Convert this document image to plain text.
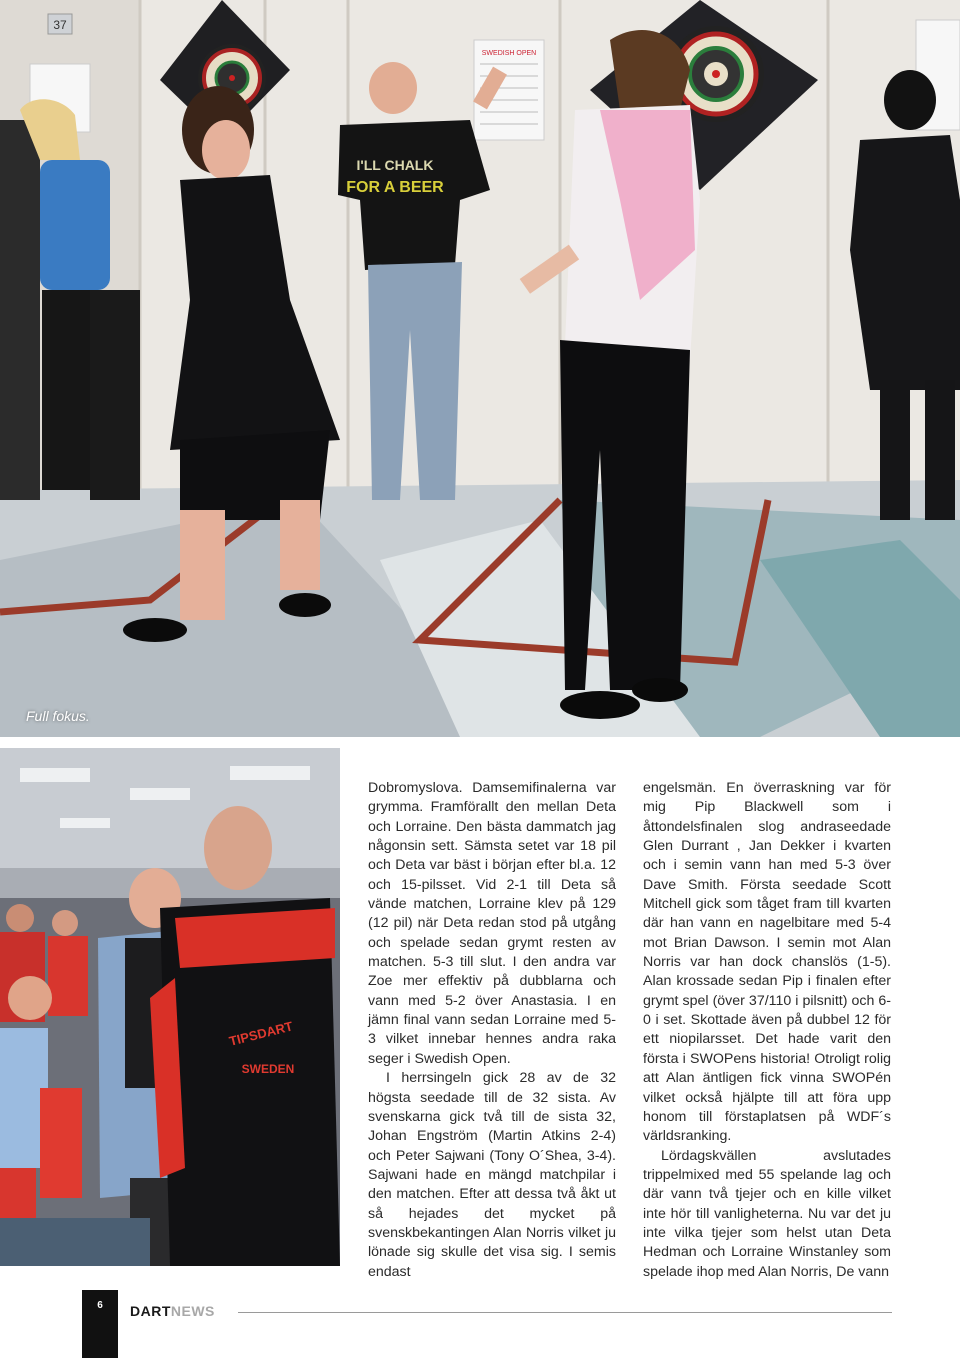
37
SWEDISH OPEN
I'LL CHALK
FOR A BEER
Full fokus.
TIPSDART
SWEDEN

Dobromyslova. Damsemifinalerna var grymma. Framförallt den mellan Deta och Lorraine. Den bästa dammatch jag någonsin sett. Sämsta setet var 18 pil och Deta var bäst i början efter bl.a. 12 och 15-pilsset. Vid 2-1 till Deta så vände matchen, Lorraine klev på 129 (12 pil) när Deta redan stod på utgång och spelade sedan grymt resten av matchen. 5-3 till slut. I den andra var Zoe mer effektiv på dubblarna och vann med 5-2 över Anastasia. I en jämn final vann sedan Lorraine med 5-3 vilket innebar hennes andra raka seger i Swedish Open.

I herrsingeln gick 28 av de 32 högsta seedade till de 32 sista. Av svenskarna gick två till de sista 32, Johan Engström (Martin Atkins 2-4) och Peter Sajwani (Tony O´Shea, 3-4). Sajwani hade en mängd matchpilar i den matchen. Efter att dessa två åkt ut så hejades det mycket på svenskbekantingen Alan Norris vilket ju lönade sig skulle det visa sig. I semis endast

engelsmän. En överraskning var för mig Pip Blackwell som i åttondelsfinalen slog andraseedade Glen Durrant , Jan Dekker i kvarten och i semin vann han med 5-3 över Dave Smith. Första seedade Scott Mitchell gick som tåget fram till kvarten där han vann en nagelbitare med 5-4 mot Brian Dawson. I semin mot Alan Norris var han dock chanslös (1-5). Alan krossade sedan Pip i finalen efter grymt spel (över 37/110 i pilsnitt) och 6-0 i set. Skottade även på dubbel 12 för ett niopilarsset. Det hade varit den första i SWOPens historia! Otroligt rolig att Alan äntligen fick vinna SWOPén vilket också hjälpte till att föra upp honom till förstaplatsen på WDF´s världsranking.

Lördagskvällen avslutades trippelmixed med 55 spelande lag och där vann två tjejer och en kille vilket inte hör till vanligheterna. Nu var det ju inte vilka tjejer som helst utan Deta Hedman och Lorraine Winstanley som spelade ihop med Alan Norris, De vann

6	DARTNEWS
